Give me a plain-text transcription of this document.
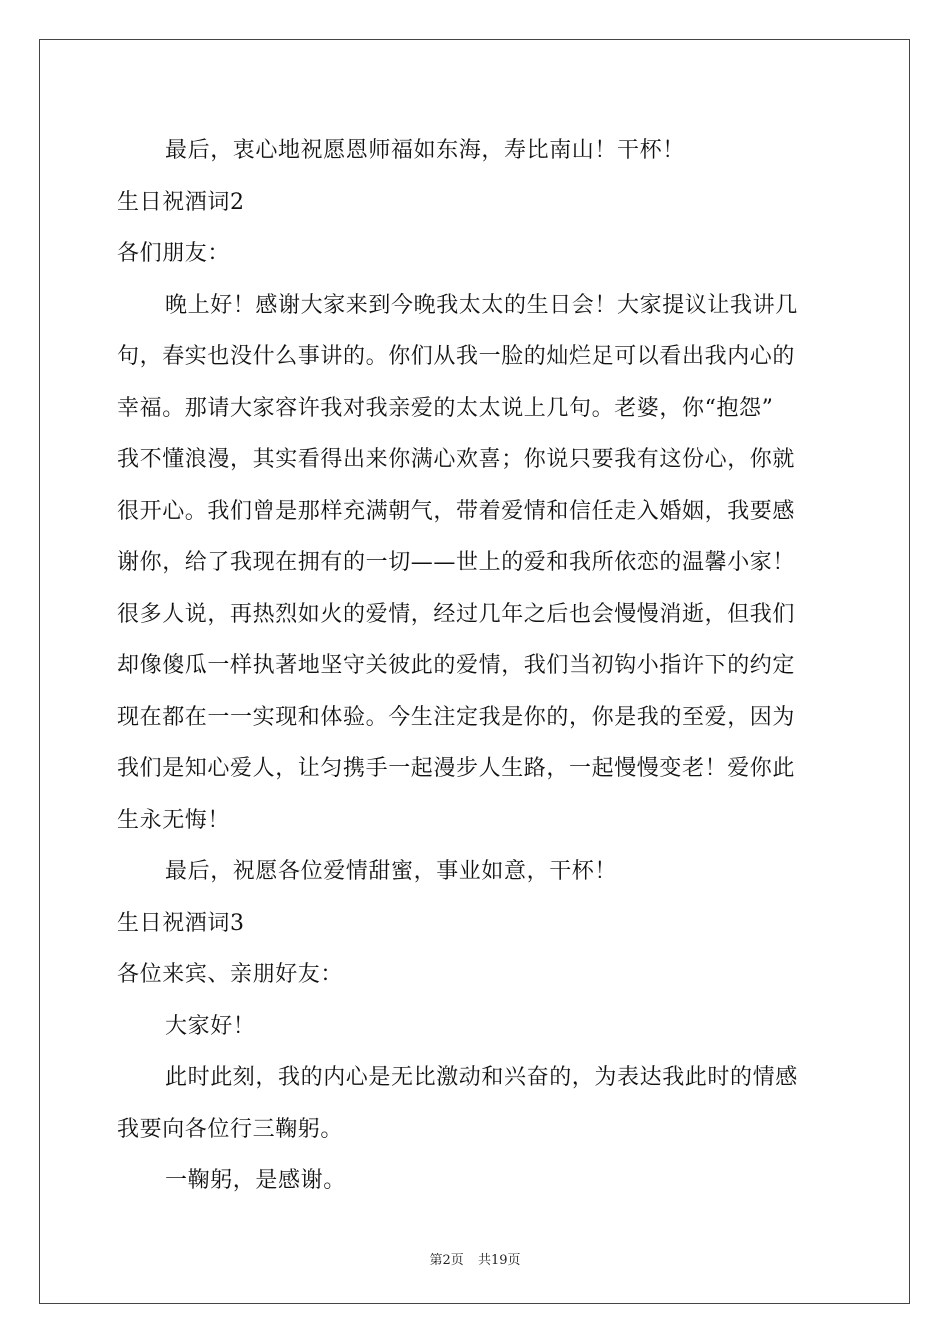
最后，衷心地祝愿恩师福如东海，寿比南山！干杯！

生日祝酒词2

各们朋友：

晚上好！感谢大家来到今晚我太太的生日会！大家提议让我讲几

句，春实也没什么事讲的。你们从我一脸的灿烂足可以看出我内心的

幸福。那请大家容许我对我亲爱的太太说上几句。老婆，你“抱怨”

我不懂浪漫，其实看得出来你满心欢喜；你说只要我有这份心，你就

很开心。我们曾是那样充满朝气，带着爱情和信任走入婚姻，我要感

谢你，给了我现在拥有的一切——世上的爱和我所依恋的温馨小家！

很多人说，再热烈如火的爱情，经过几年之后也会慢慢消逝，但我们

却像傻瓜一样执著地坚守关彼此的爱情，我们当初钩小指许下的约定

现在都在一一实现和体验。今生注定我是你的，你是我的至爱，因为

我们是知心爱人，让匀携手一起漫步人生路，一起慢慢变老！爱你此

生永无悔！

最后，祝愿各位爱情甜蜜，事业如意，干杯！

生日祝酒词3

各位来宾、亲朋好友：

大家好！

此时此刻，我的内心是无比激动和兴奋的，为表达我此时的情感

我要向各位行三鞠躬。

一鞠躬，是感谢。

第2页 共19页
